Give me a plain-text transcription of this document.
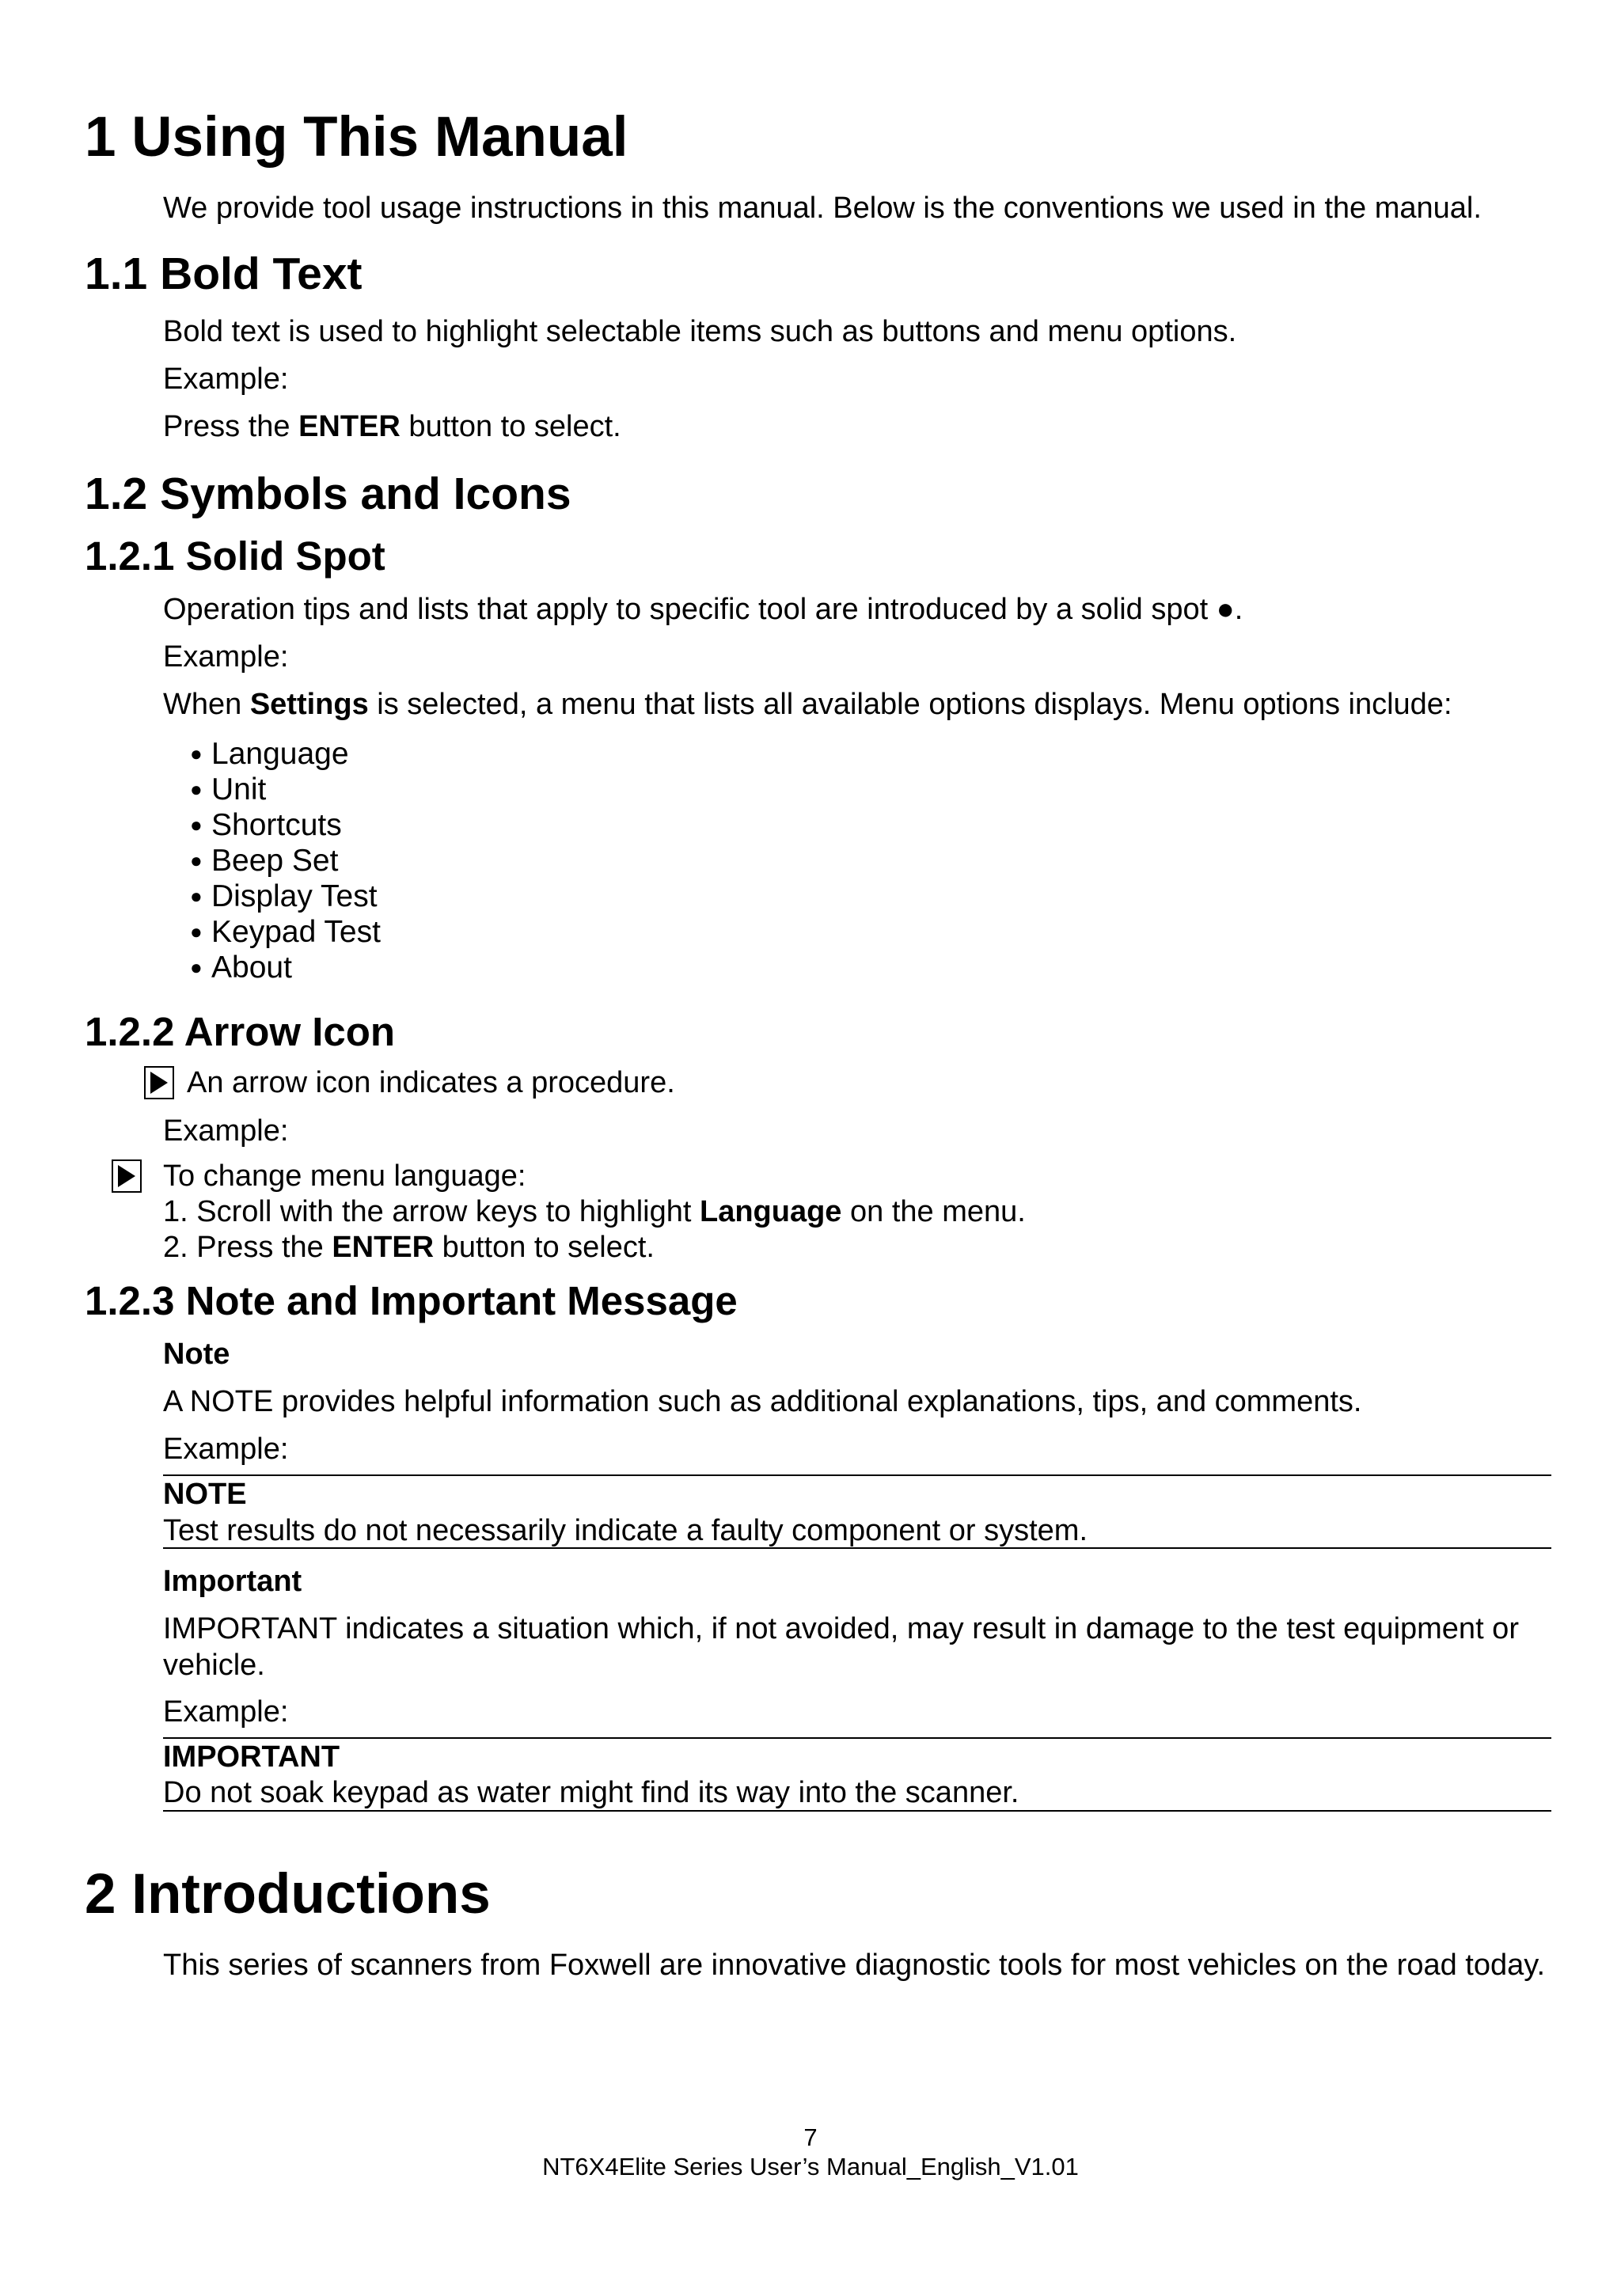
1 Using This Manual
We provide tool usage instructions in this manual. Below is the conventions we used in the manual.
1.1 Bold Text
Bold text is used to highlight selectable items such as buttons and menu options.
Example:
Press the ENTER button to select.
1.2 Symbols and Icons
1.2.1 Solid Spot
Operation tips and lists that apply to specific tool are introduced by a solid spot ●.
Example:
When Settings is selected, a menu that lists all available options displays. Menu options include:
● Language
● Unit
● Shortcuts
● Beep Set
● Display Test
● Keypad Test
● About
1.2.2 Arrow Icon
An arrow icon indicates a procedure.
Example:
To change menu language:
1. Scroll with the arrow keys to highlight Language on the menu.
2. Press the ENTER button to select.
1.2.3 Note and Important Message
Note
A NOTE provides helpful information such as additional explanations, tips, and comments.
Example:
NOTE
Test results do not necessarily indicate a faulty component or system.
Important
IMPORTANT indicates a situation which, if not avoided, may result in damage to the test equipment or vehicle.
Example:
IMPORTANT
Do not soak keypad as water might find its way into the scanner.
2 Introductions
This series of scanners from Foxwell are innovative diagnostic tools for most vehicles on the road today.
7
NT6X4Elite Series User’s Manual_English_V1.01
